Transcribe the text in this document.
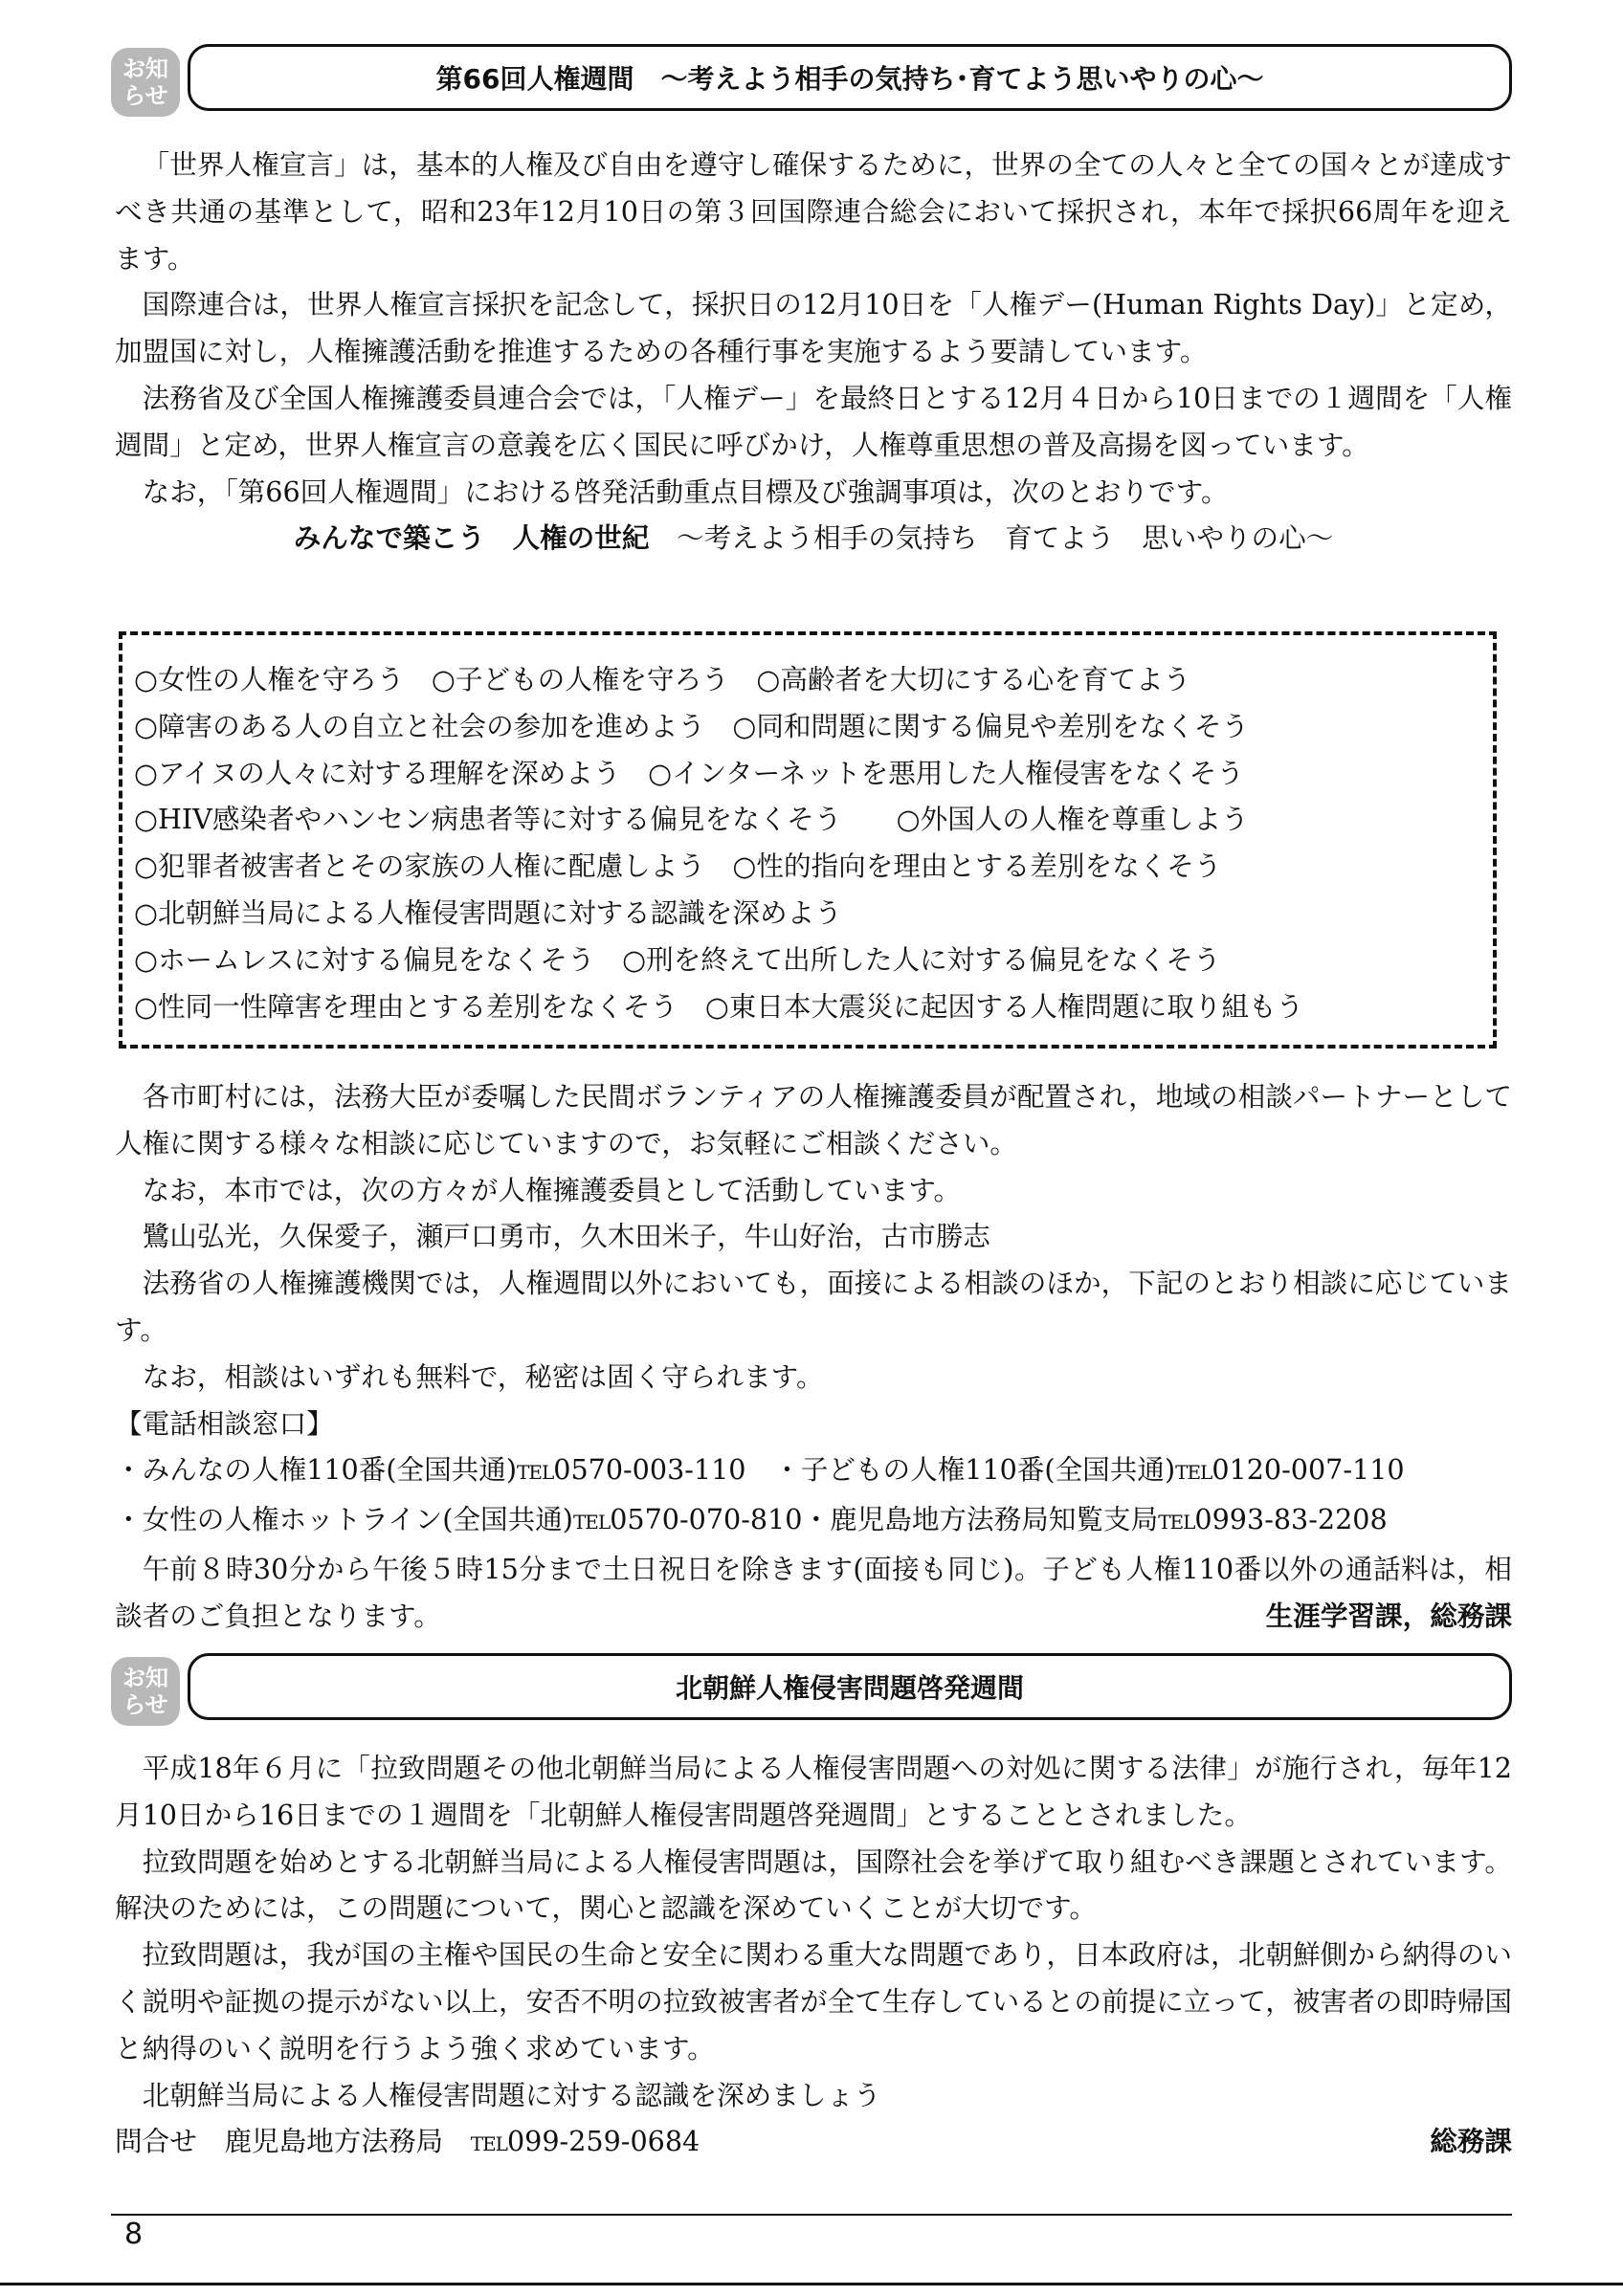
お知
らせ
第66回人権週間　〜考えよう相手の気持ち･育てよう思いやりの心〜

「世界人権宣言」は，基本的人権及び自由を遵守し確保するために，世界の全ての人々と全ての国々とが達成すべき共通の基準として，昭和23年12月10日の第３回国際連合総会において採択され，本年で採択66周年を迎えます。

国際連合は，世界人権宣言採択を記念して，採択日の12月10日を「人権デー(Human Rights Day)」と定め，加盟国に対し，人権擁護活動を推進するための各種行事を実施するよう要請しています。

法務省及び全国人権擁護委員連合会では，「人権デー」を最終日とする12月４日から10日までの１週間を「人権週間」と定め，世界人権宣言の意義を広く国民に呼びかけ，人権尊重思想の普及高揚を図っています。

なお，「第66回人権週間」における啓発活動重点目標及び強調事項は，次のとおりです。

みんなで築こう　人権の世紀　〜考えよう相手の気持ち　育てよう　思いやりの心〜

○女性の人権を守ろう　○子どもの人権を守ろう　○高齢者を大切にする心を育てよう
○障害のある人の自立と社会の参加を進めよう　○同和問題に関する偏見や差別をなくそう
○アイヌの人々に対する理解を深めよう　○インターネットを悪用した人権侵害をなくそう
○HIV感染者やハンセン病患者等に対する偏見をなくそう　　○外国人の人権を尊重しよう
○犯罪者被害者とその家族の人権に配慮しよう　○性的指向を理由とする差別をなくそう
○北朝鮮当局による人権侵害問題に対する認識を深めよう
○ホームレスに対する偏見をなくそう　○刑を終えて出所した人に対する偏見をなくそう
○性同一性障害を理由とする差別をなくそう　○東日本大震災に起因する人権問題に取り組もう

各市町村には，法務大臣が委嘱した民間ボランティアの人権擁護委員が配置され，地域の相談パートナーとして人権に関する様々な相談に応じていますので，お気軽にご相談ください。

なお，本市では，次の方々が人権擁護委員として活動しています。

鷺山弘光，久保愛子，瀬戸口勇市，久木田米子，牛山好治，古市勝志

法務省の人権擁護機関では，人権週間以外においても，面接による相談のほか，下記のとおり相談に応じています。

なお，相談はいずれも無料で，秘密は固く守られます。

【電話相談窓口】

・みんなの人権110番(全国共通)TEL0570-003-110　・子どもの人権110番(全国共通)TEL0120-007-110

・女性の人権ホットライン(全国共通)TEL0570-070-810・鹿児島地方法務局知覧支局TEL0993-83-2208

午前８時30分から午後５時15分まで土日祝日を除きます(面接も同じ)。子ども人権110番以外の通話料は，相談者のご負担となります。	生涯学習課，総務課

お知
らせ
北朝鮮人権侵害問題啓発週間

平成18年６月に「拉致問題その他北朝鮮当局による人権侵害問題への対処に関する法律」が施行され，毎年12月10日から16日までの１週間を「北朝鮮人権侵害問題啓発週間」とすることとされました。

拉致問題を始めとする北朝鮮当局による人権侵害問題は，国際社会を挙げて取り組むべき課題とされています。解決のためには，この問題について，関心と認識を深めていくことが大切です。

拉致問題は，我が国の主権や国民の生命と安全に関わる重大な問題であり，日本政府は，北朝鮮側から納得のいく説明や証拠の提示がない以上，安否不明の拉致被害者が全て生存しているとの前提に立って，被害者の即時帰国と納得のいく説明を行うよう強く求めています。

北朝鮮当局による人権侵害問題に対する認識を深めましょう

問合せ　鹿児島地方法務局　TEL099-259-0684	総務課

8
